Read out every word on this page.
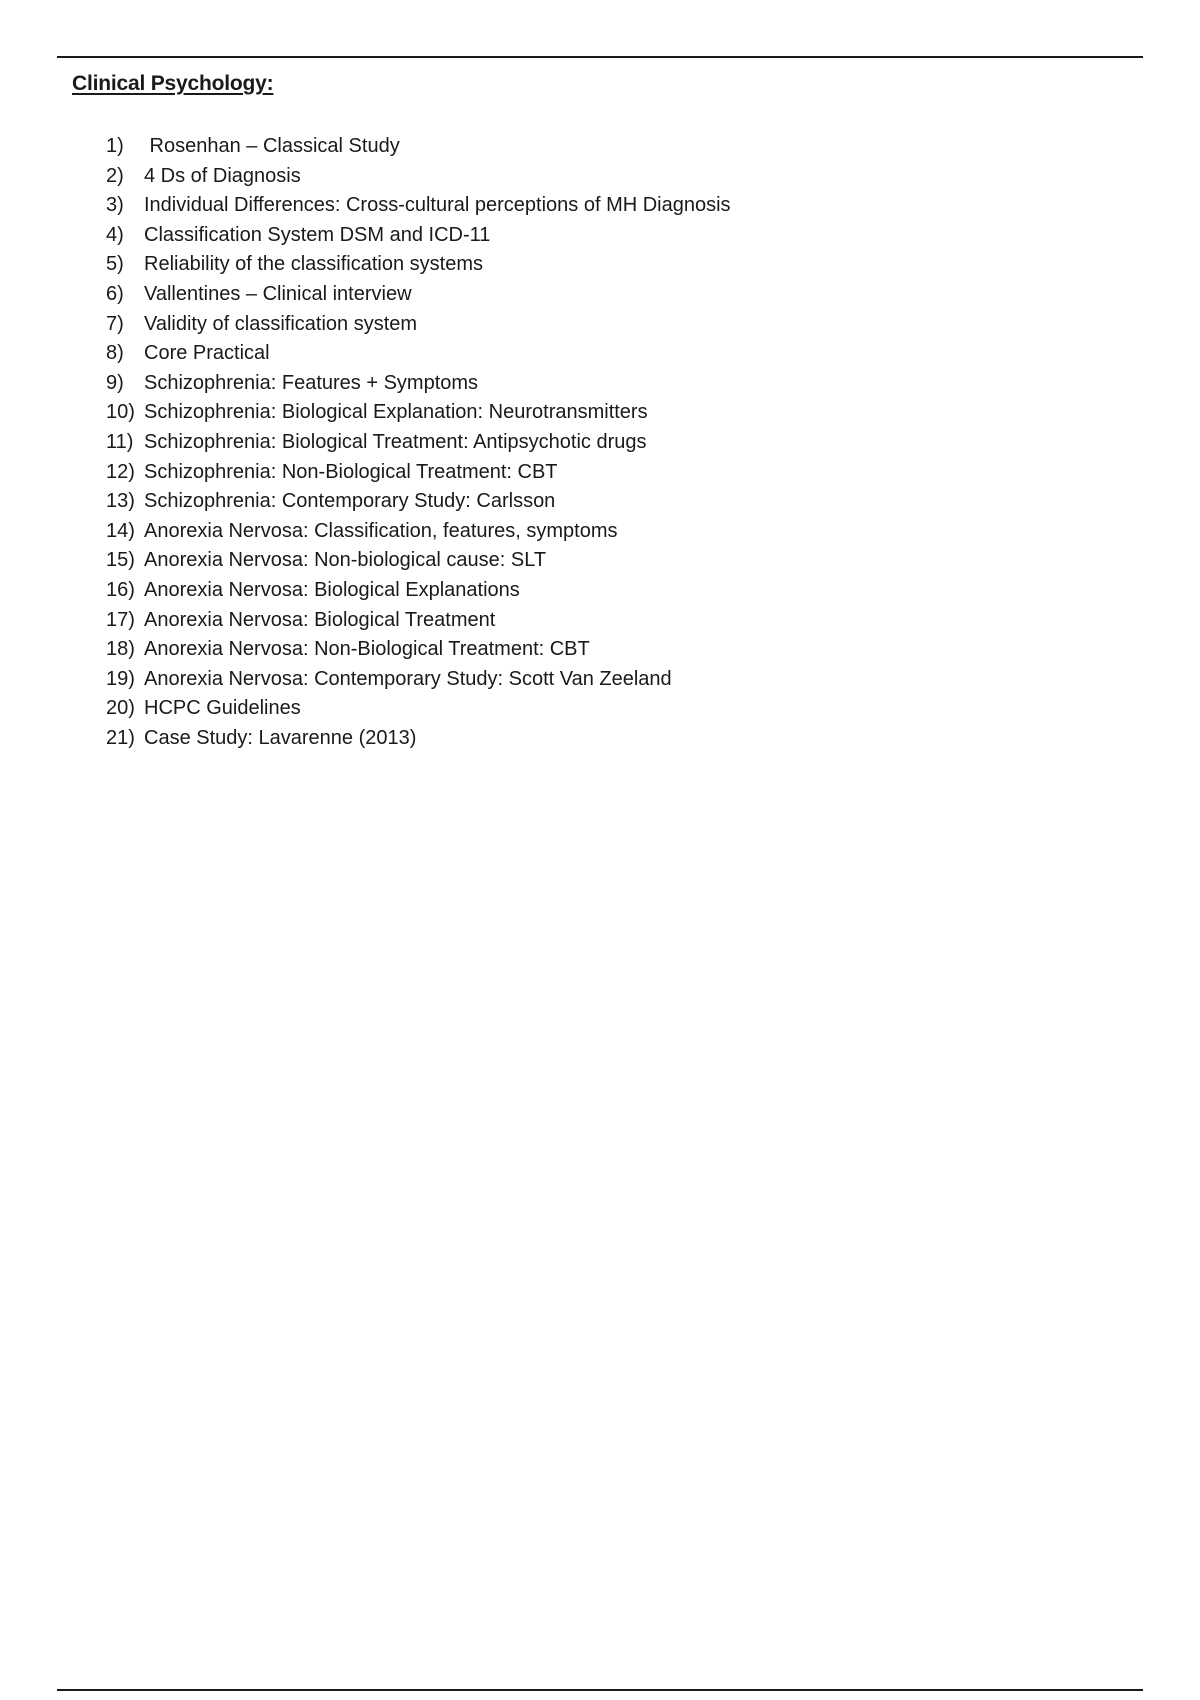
Clinical Psychology:
1)	Rosenhan – Classical Study
2)	4 Ds of Diagnosis
3)	Individual Differences: Cross-cultural perceptions of MH Diagnosis
4)	Classification System DSM and ICD-11
5)	Reliability of the classification systems
6)	Vallentines – Clinical interview
7)	Validity of classification system
8)	Core Practical
9)	Schizophrenia: Features + Symptoms
10) Schizophrenia: Biological Explanation: Neurotransmitters
11) Schizophrenia: Biological Treatment: Antipsychotic drugs
12) Schizophrenia: Non-Biological Treatment: CBT
13) Schizophrenia: Contemporary Study: Carlsson
14) Anorexia Nervosa: Classification, features, symptoms
15) Anorexia Nervosa: Non-biological cause: SLT
16) Anorexia Nervosa: Biological Explanations
17) Anorexia Nervosa: Biological Treatment
18) Anorexia Nervosa: Non-Biological Treatment: CBT
19) Anorexia Nervosa: Contemporary Study: Scott Van Zeeland
20) HCPC Guidelines
21) Case Study: Lavarenne (2013)
